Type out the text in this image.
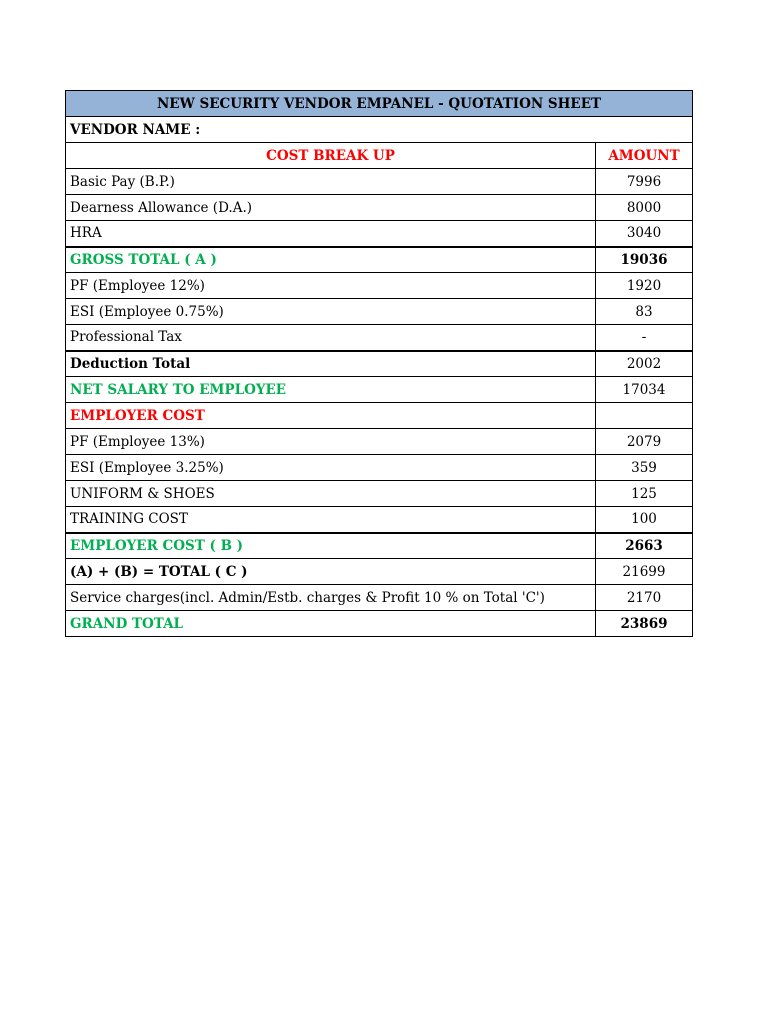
NEW SECURITY VENDOR EMPANEL - QUOTATION SHEET	
VENDOR NAME :	
COST BREAK UP	AMOUNT
Basic Pay (B.P.)	7996
Dearness Allowance (D.A.)	8000
HRA	3040
GROSS TOTAL ( A )	19036
PF (Employee 12%)	1920
ESI (Employee 0.75%)	83
Professional Tax	-
Deduction Total	2002
NET SALARY TO EMPLOYEE	17034
EMPLOYER COST	
PF (Employee 13%)	2079
ESI (Employee 3.25%)	359
UNIFORM & SHOES	125
TRAINING COST	100
EMPLOYER COST ( B )	2663
(A) + (B) = TOTAL ( C )	21699
Service charges(incl. Admin/Estb. charges & Profit 10 % on Total 'C')	2170
GRAND TOTAL	23869
